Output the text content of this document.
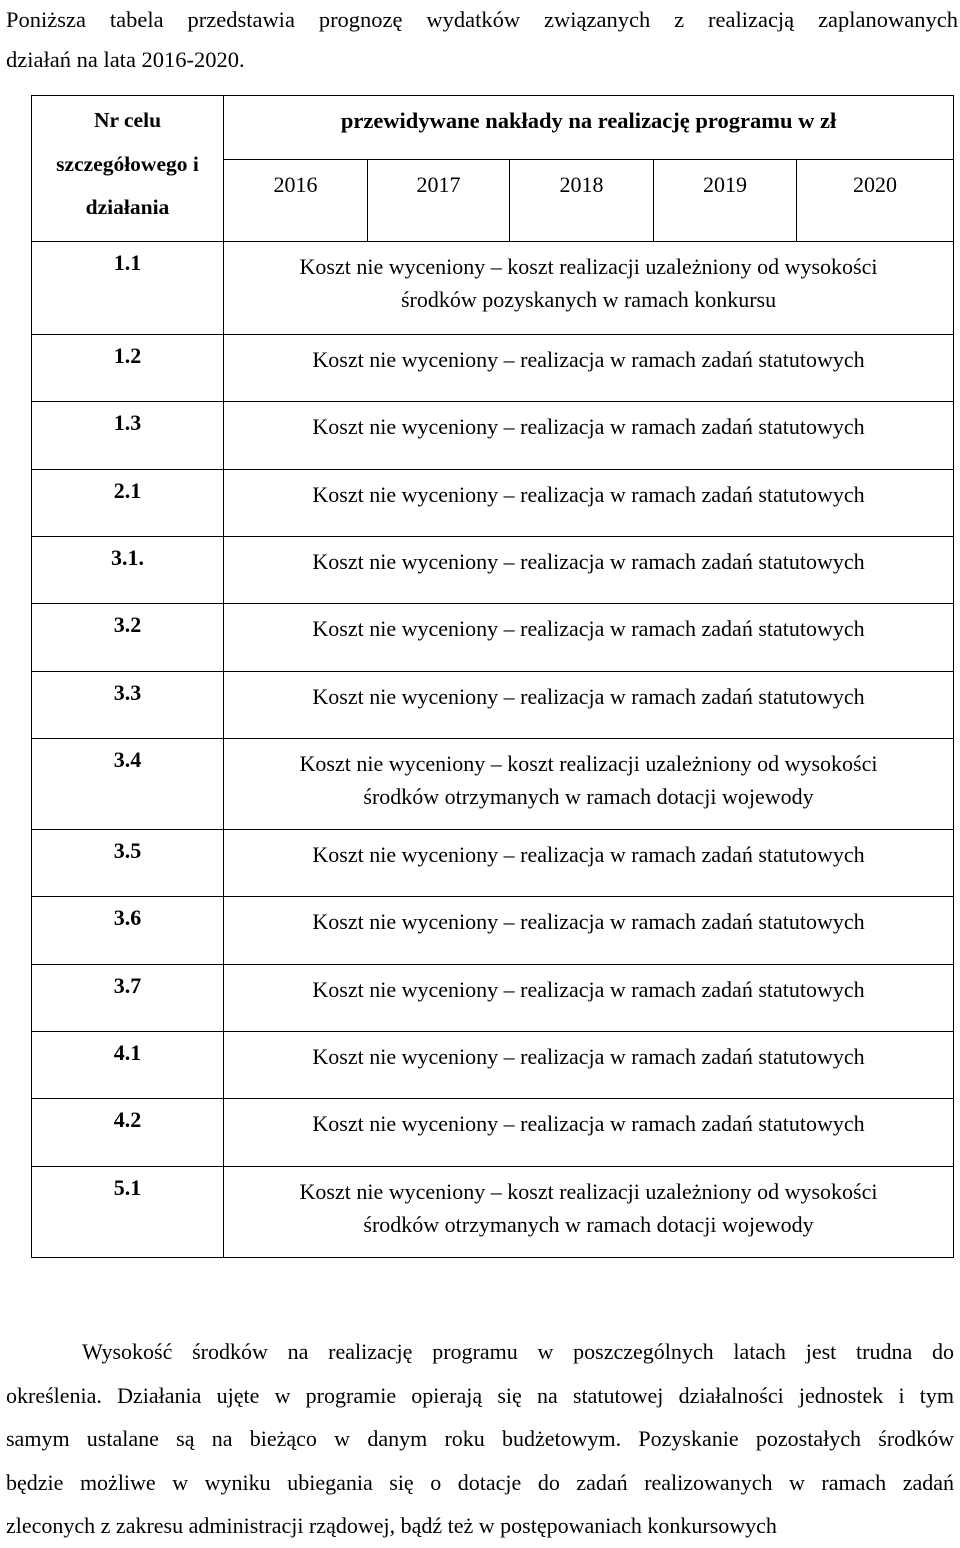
Poniższa tabela przedstawia prognozę wydatków związanych z realizacją zaplanowanych
działań na lata 2016-2020.

Nr celu
szczegółowego i
działania	przewidywane nakłady na realizację programu w zł				
	2016	2017	2018	2019	2020
1.1	Koszt nie wyceniony – koszt realizacji uzależniony od wysokości
środków pozyskanych w ramach konkursu				

1.2	Koszt nie wyceniony – realizacja w ramach zadań statutowych				

1.3	Koszt nie wyceniony – realizacja w ramach zadań statutowych				

2.1	Koszt nie wyceniony – realizacja w ramach zadań statutowych				

3.1.	Koszt nie wyceniony – realizacja w ramach zadań statutowych				

3.2	Koszt nie wyceniony – realizacja w ramach zadań statutowych				

3.3	Koszt nie wyceniony – realizacja w ramach zadań statutowych				

3.4	Koszt nie wyceniony – koszt realizacji uzależniony od wysokości
środków otrzymanych w ramach dotacji wojewody				

3.5	Koszt nie wyceniony – realizacja w ramach zadań statutowych				

3.6	Koszt nie wyceniony – realizacja w ramach zadań statutowych				

3.7	Koszt nie wyceniony – realizacja w ramach zadań statutowych				

4.1	Koszt nie wyceniony – realizacja w ramach zadań statutowych				

4.2	Koszt nie wyceniony – realizacja w ramach zadań statutowych				

5.1	Koszt nie wyceniony – koszt realizacji uzależniony od wysokości
środków otrzymanych w ramach dotacji wojewody				

Wysokość środków na realizację programu w poszczególnych latach jest trudna do
określenia. Działania ujęte w programie opierają się na statutowej działalności jednostek i tym
samym ustalane są na bieżąco w danym roku budżetowym. Pozyskanie pozostałych środków
będzie możliwe w wyniku ubiegania się o dotacje do zadań realizowanych w ramach zadań
zleconych z zakresu administracji rządowej, bądź też w postępowaniach konkursowych
